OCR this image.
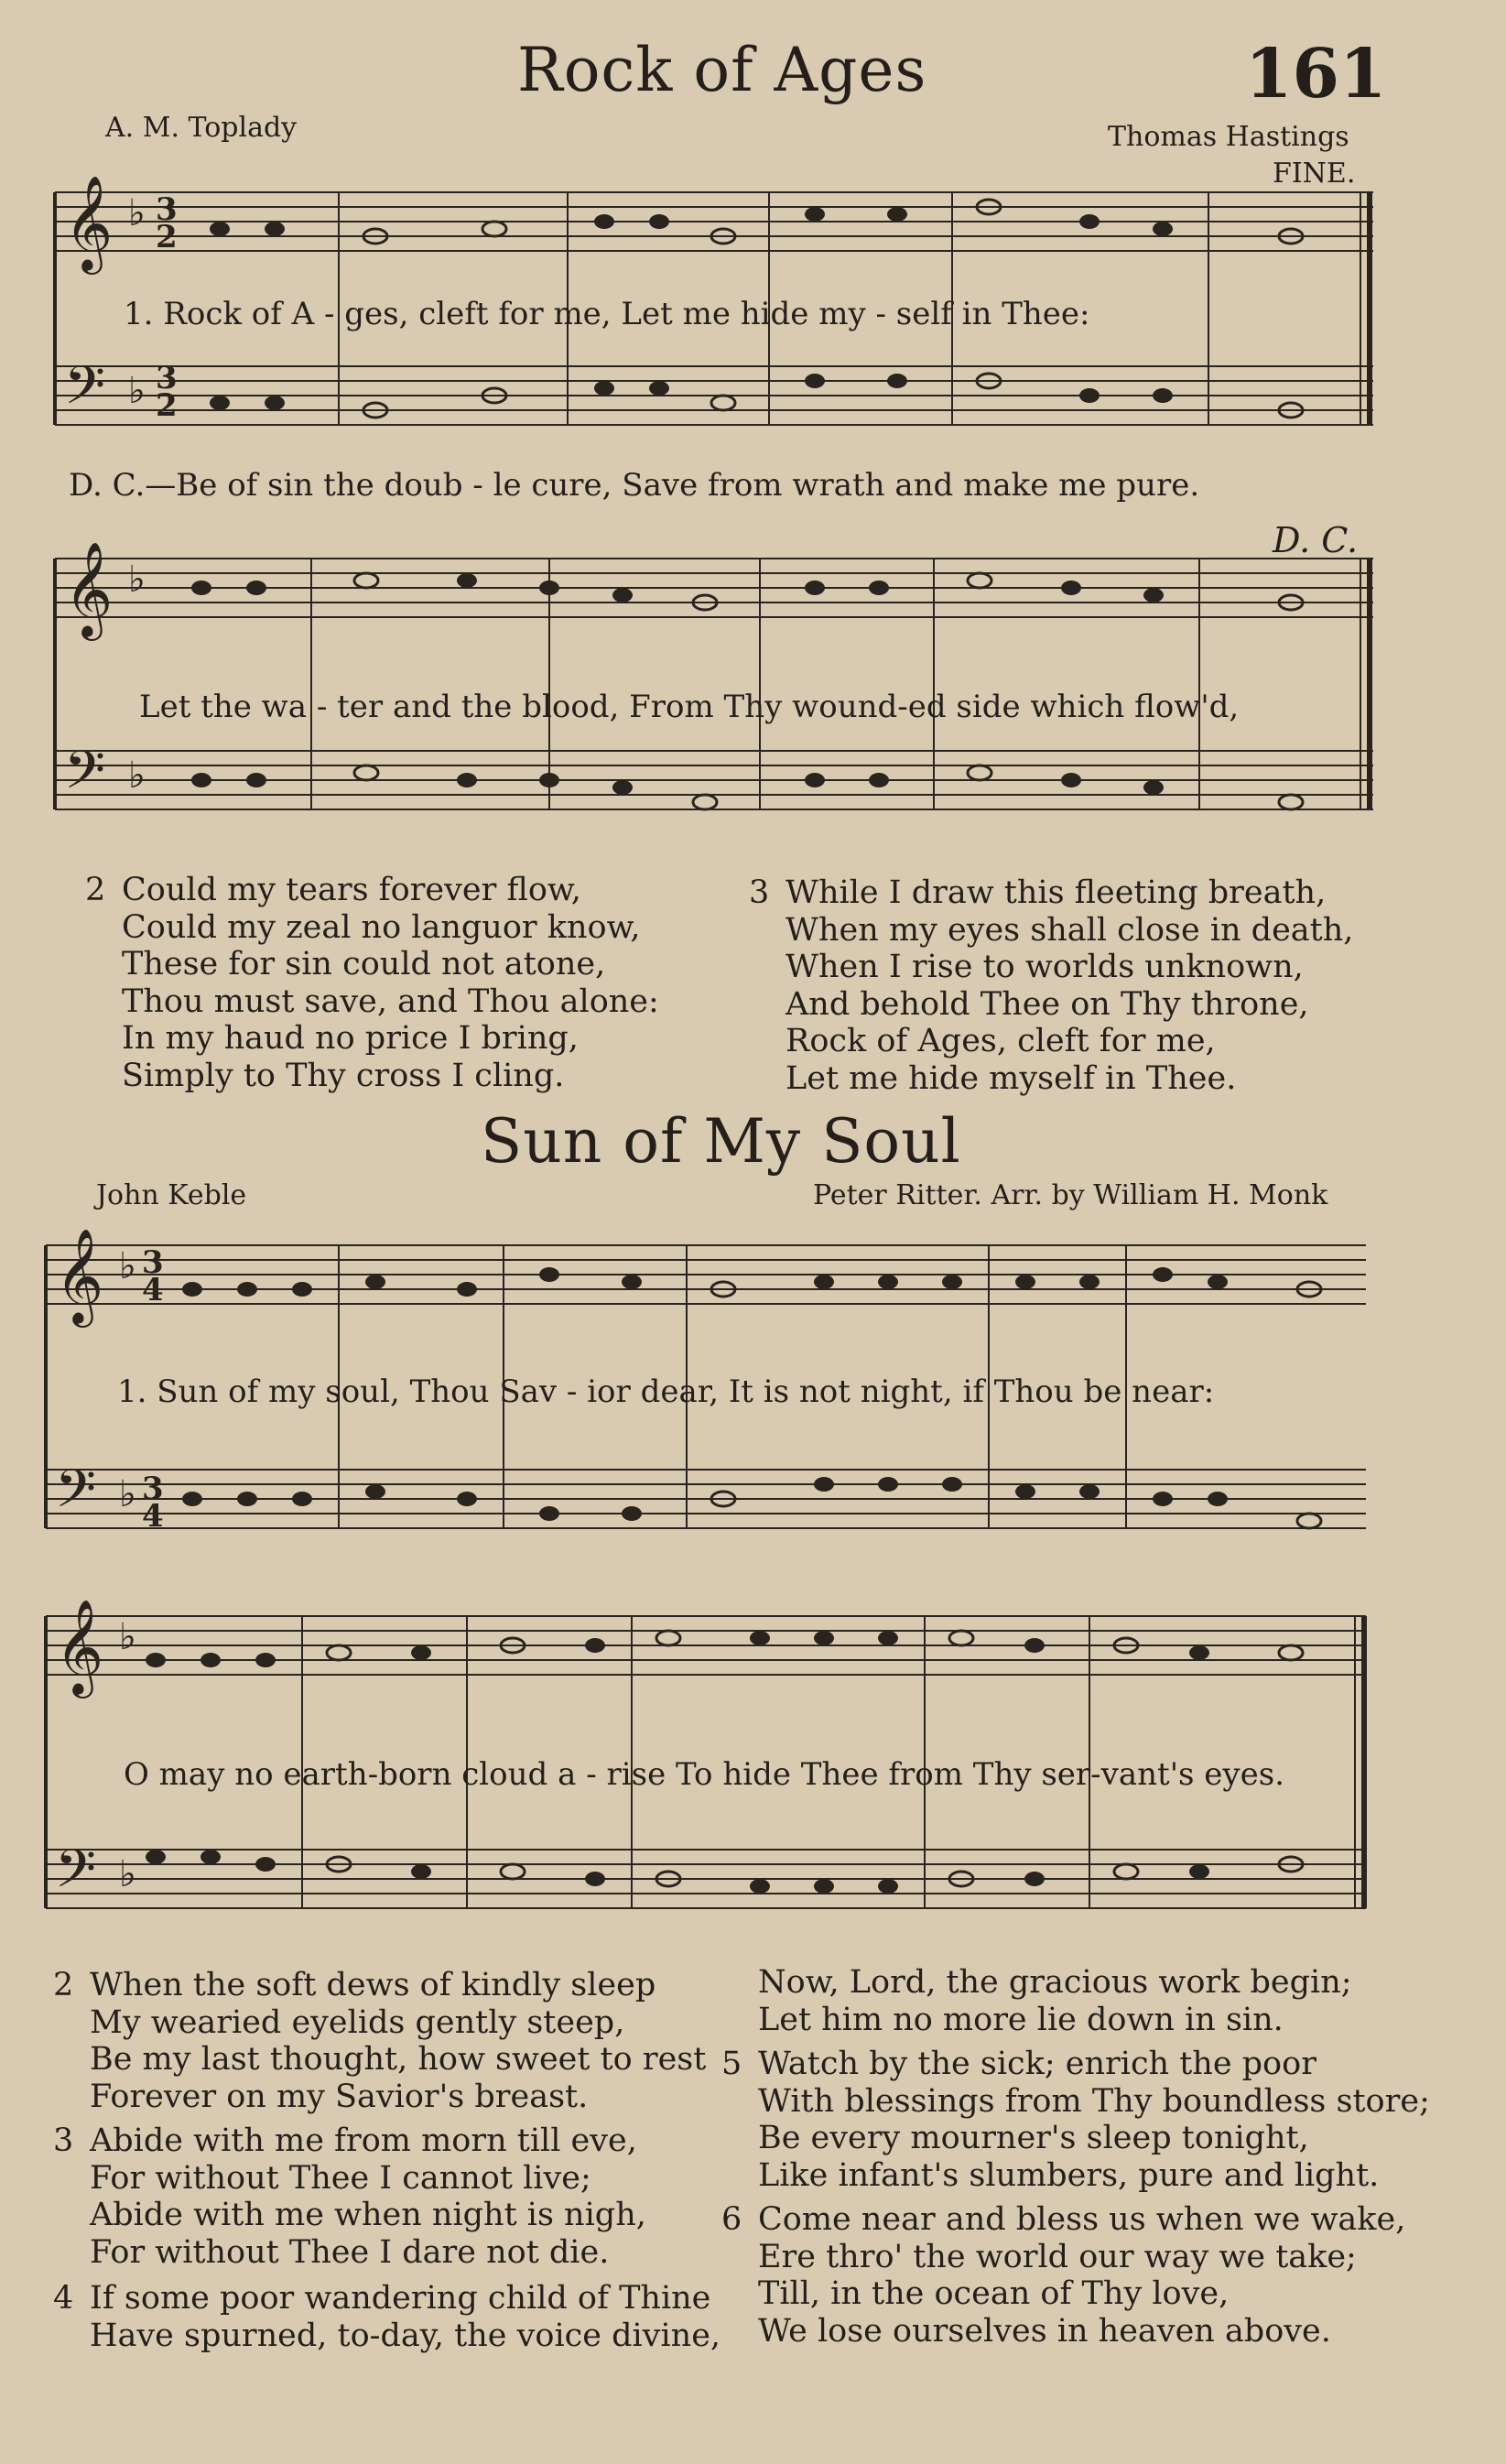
161
Rock of Ages
A. M. Toplady	Thomas Hastings
FINE.
𝄞
𝄢
♭ 3
2
♭ 3
2
1. Rock of A - ges, cleft for me, Let me hide my - self in Thee:
D. C.—Be of sin the doub - le cure, Save from wrath and make me pure.
D. C.
𝄞
𝄢
♭
♭
Let the wa - ter and the blood, From Thy wound-ed side which flow'd,
2 Could my tears forever flow,
Could my zeal no languor know,
These for sin could not atone,
Thou must save, and Thou alone:
In my haud no price I bring,
Simply to Thy cross I cling.
3 While I draw this fleeting breath,
When my eyes shall close in death,
When I rise to worlds unknown,
And behold Thee on Thy throne,
Rock of Ages, cleft for me,
Let me hide myself in Thee.
Sun of My Soul
John Keble	Peter Ritter. Arr. by William H. Monk
𝄞
𝄢
♭ 3
4
♭ 3
4
1. Sun of my soul, Thou Sav - ior dear, It is not night, if Thou be near:
𝄞
𝄢
♭
♭
O may no earth-born cloud a - rise To hide Thee from Thy ser-vant's eyes.
2 When the soft dews of kindly sleep
My wearied eyelids gently steep,
Be my last thought, how sweet to rest
Forever on my Savior's breast.
3 Abide with me from morn till eve,
For without Thee I cannot live;
Abide with me when night is nigh,
For without Thee I dare not die.
4 If some poor wandering child of Thine
Have spurned, to-day, the voice divine,
Now, Lord, the gracious work begin;
Let him no more lie down in sin.
5 Watch by the sick; enrich the poor
With blessings from Thy boundless store;
Be every mourner's sleep tonight,
Like infant's slumbers, pure and light.
6 Come near and bless us when we wake,
Ere thro' the world our way we take;
Till, in the ocean of Thy love,
We lose ourselves in heaven above.
